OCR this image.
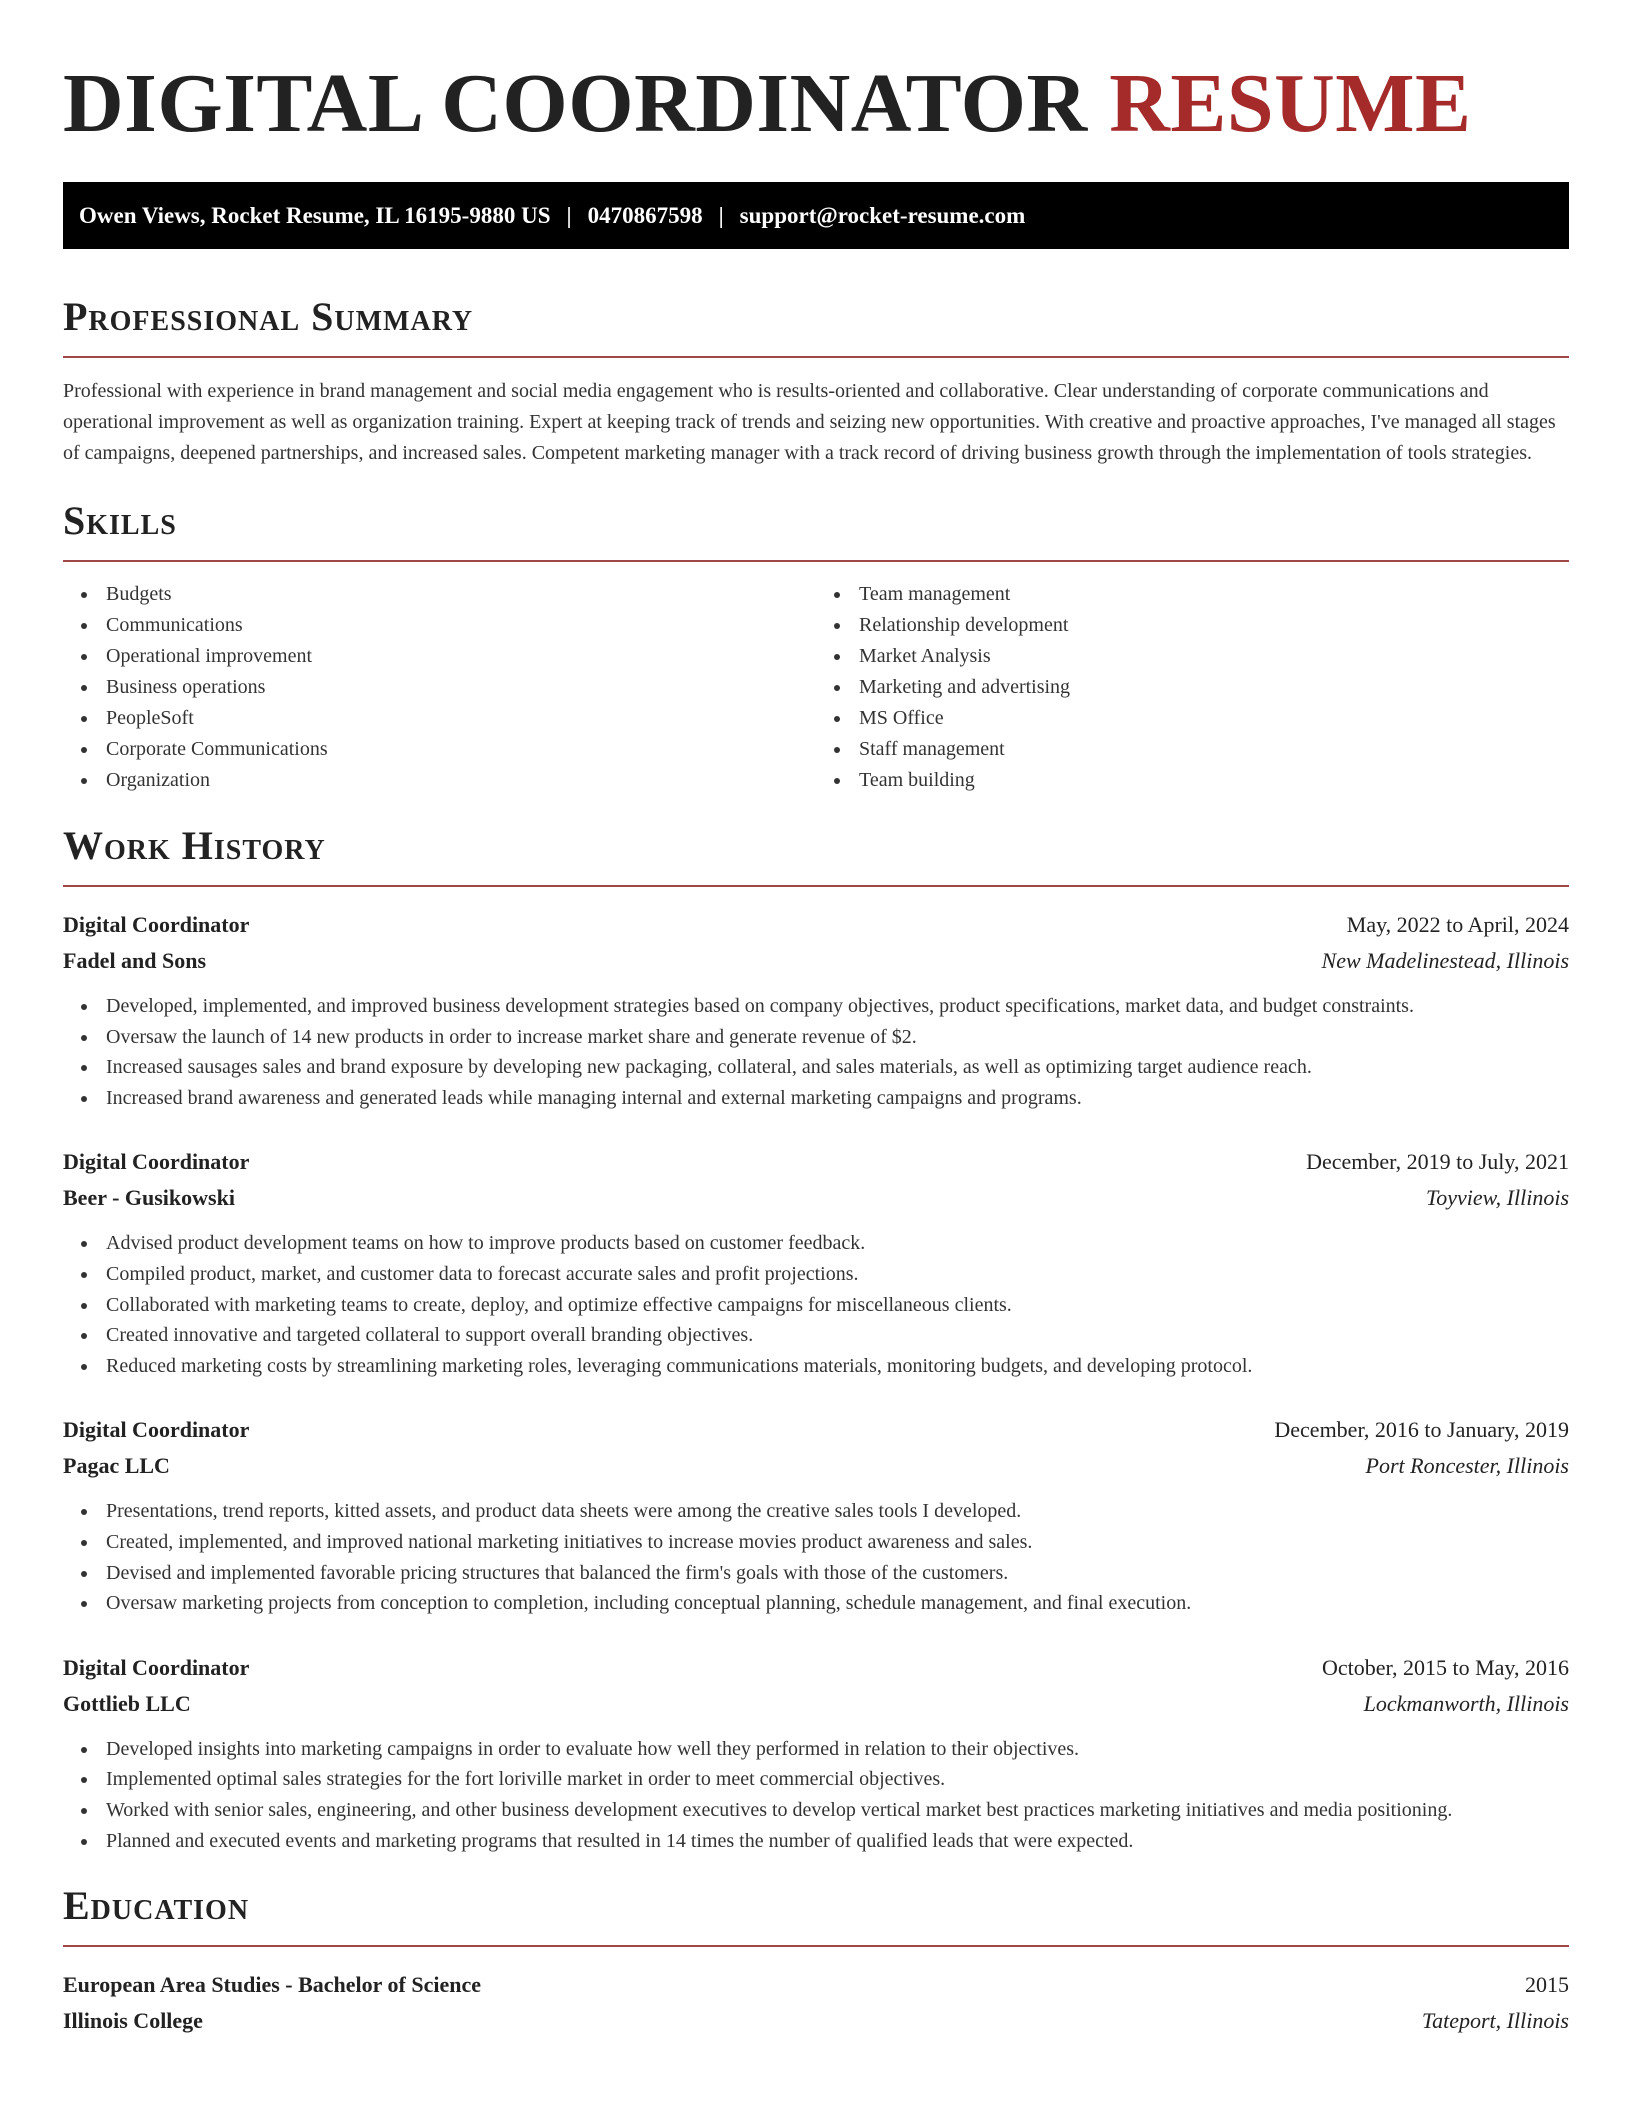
DIGITAL COORDINATOR RESUME
Owen Views, Rocket Resume, IL 16195-9880 US | 0470867598 | support@rocket-resume.com
Professional Summary

Professional with experience in brand management and social media engagement who is results-oriented and collaborative. Clear understanding of corporate communications and operational improvement as well as organization training. Expert at keeping track of trends and seizing new opportunities. With creative and proactive approaches, I've managed all stages of campaigns, deepened partnerships, and increased sales. Competent marketing manager with a track record of driving business growth through the implementation of tools strategies.

Skills
Budgets
Communications
Operational improvement
Business operations
PeopleSoft
Corporate Communications
Organization
Team management
Relationship development
Market Analysis
Marketing and advertising
MS Office
Staff management
Team building
Work History
Digital Coordinator	May, 2022 to April, 2024
Fadel and Sons	New Madelinestead, Illinois
Developed, implemented, and improved business development strategies based on company objectives, product specifications, market data, and budget constraints.
Oversaw the launch of 14 new products in order to increase market share and generate revenue of $2.
Increased sausages sales and brand exposure by developing new packaging, collateral, and sales materials, as well as optimizing target audience reach.
Increased brand awareness and generated leads while managing internal and external marketing campaigns and programs.
Digital Coordinator	December, 2019 to July, 2021
Beer - Gusikowski	Toyview, Illinois
Advised product development teams on how to improve products based on customer feedback.
Compiled product, market, and customer data to forecast accurate sales and profit projections.
Collaborated with marketing teams to create, deploy, and optimize effective campaigns for miscellaneous clients.
Created innovative and targeted collateral to support overall branding objectives.
Reduced marketing costs by streamlining marketing roles, leveraging communications materials, monitoring budgets, and developing protocol.
Digital Coordinator	December, 2016 to January, 2019
Pagac LLC	Port Roncester, Illinois
Presentations, trend reports, kitted assets, and product data sheets were among the creative sales tools I developed.
Created, implemented, and improved national marketing initiatives to increase movies product awareness and sales.
Devised and implemented favorable pricing structures that balanced the firm's goals with those of the customers.
Oversaw marketing projects from conception to completion, including conceptual planning, schedule management, and final execution.
Digital Coordinator	October, 2015 to May, 2016
Gottlieb LLC	Lockmanworth, Illinois
Developed insights into marketing campaigns in order to evaluate how well they performed in relation to their objectives.
Implemented optimal sales strategies for the fort loriville market in order to meet commercial objectives.
Worked with senior sales, engineering, and other business development executives to develop vertical market best practices marketing initiatives and media positioning.
Planned and executed events and marketing programs that resulted in 14 times the number of qualified leads that were expected.
Education
European Area Studies - Bachelor of Science	2015
Illinois College	Tateport, Illinois
